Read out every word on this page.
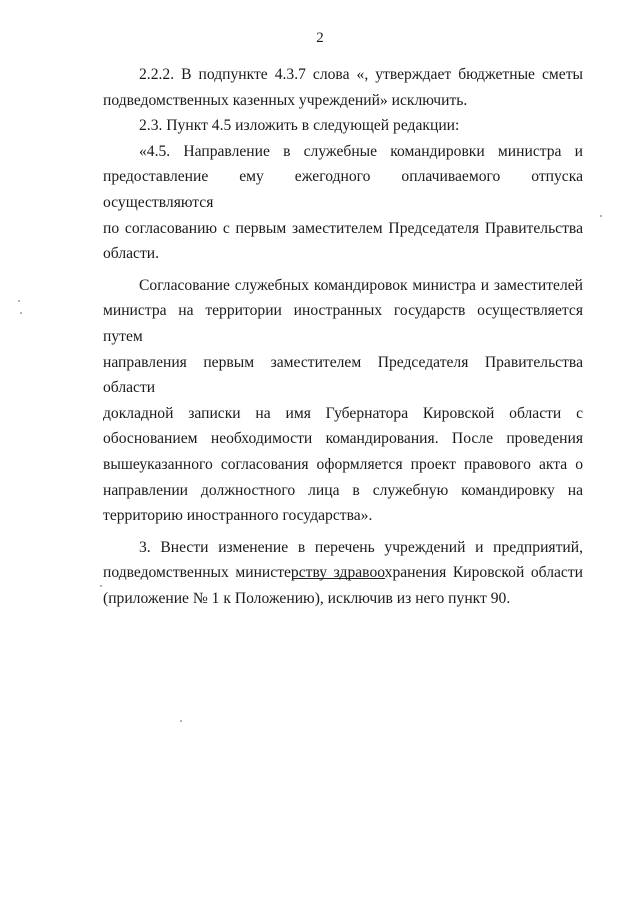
2

2.2.2. В подпункте 4.3.7 слова «, утверждает бюджетные сметы
подведомственных казенных учреждений» исключить.

2.3. Пункт 4.5 изложить в следующей редакции:

«4.5. Направление в служебные командировки министра и
предоставление ему ежегодного оплачиваемого отпуска осуществляются
по согласованию с первым заместителем Председателя Правительства
области.

Согласование служебных командировок министра и заместителей
министра на территории иностранных государств осуществляется путем
направления первым заместителем Председателя Правительства области
докладной записки на имя Губернатора Кировской области с
обоснованием необходимости командирования. После проведения
вышеуказанного согласования оформляется проект правового акта о
направлении должностного лица в служебную командировку на
территорию иностранного государства».

3. Внести изменение в перечень учреждений и предприятий,
подведомственных министерству здравоохранения Кировской области
(приложение № 1 к Положению), исключив из него пункт 90.
